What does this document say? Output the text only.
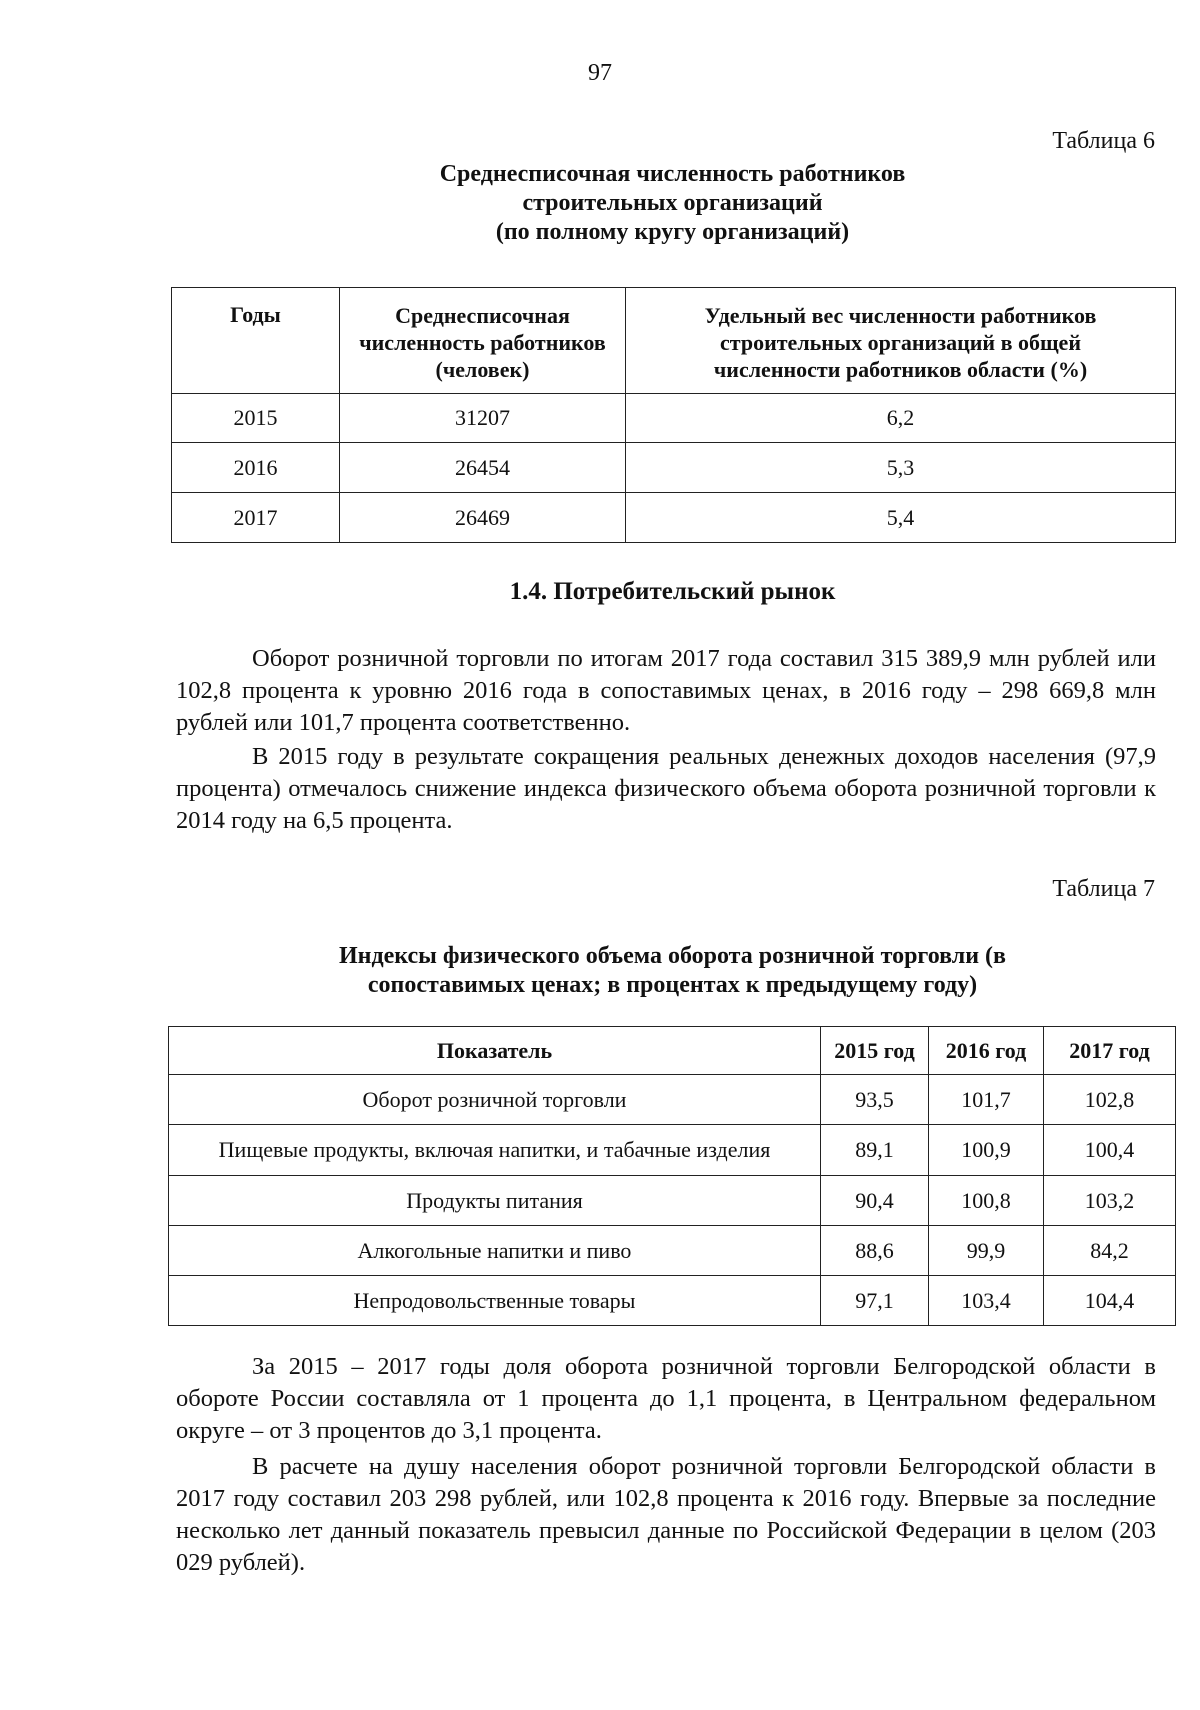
97
Таблица 6
Среднесписочная численность работников
строительных организаций
(по полному кругу организаций)
Годы	Среднесписочная численность работников (человек)	Удельный вес численности работников строительных организаций в общей численности работников области (%)
2015	31207	6,2
2016	26454	5,3
2017	26469	5,4
1.4. Потребительский рынок

Оборот розничной торговли по итогам 2017 года составил 315 389,9 млн рублей или 102,8 процента к уровню 2016 года в сопоставимых ценах, в 2016 году – 298 669,8 млн рублей или 101,7 процента соответственно.

В 2015 году в результате сокращения реальных денежных доходов населения (97,9 процента) отмечалось снижение индекса физического объема оборота розничной торговли к 2014 году на 6,5 процента.

Таблица 7
Индексы физического объема оборота розничной торговли (в
сопоставимых ценах; в процентах к предыдущему году)
Показатель	2015 год	2016 год	2017 год
Оборот розничной торговли	93,5	101,7	102,8
Пищевые продукты, включая напитки, и табачные изделия	89,1	100,9	100,4
Продукты питания	90,4	100,8	103,2
Алкогольные напитки и пиво	88,6	99,9	84,2
Непродовольственные товары	97,1	103,4	104,4

За 2015 – 2017 годы доля оборота розничной торговли Белгородской области в обороте России составляла от 1 процента до 1,1 процента, в Центральном федеральном округе – от 3 процентов до 3,1 процента.

В расчете на душу населения оборот розничной торговли Белгородской области в 2017 году составил 203 298 рублей, или 102,8 процента к 2016 году. Впервые за последние несколько лет данный показатель превысил данные по Российской Федерации в целом (203 029 рублей).
